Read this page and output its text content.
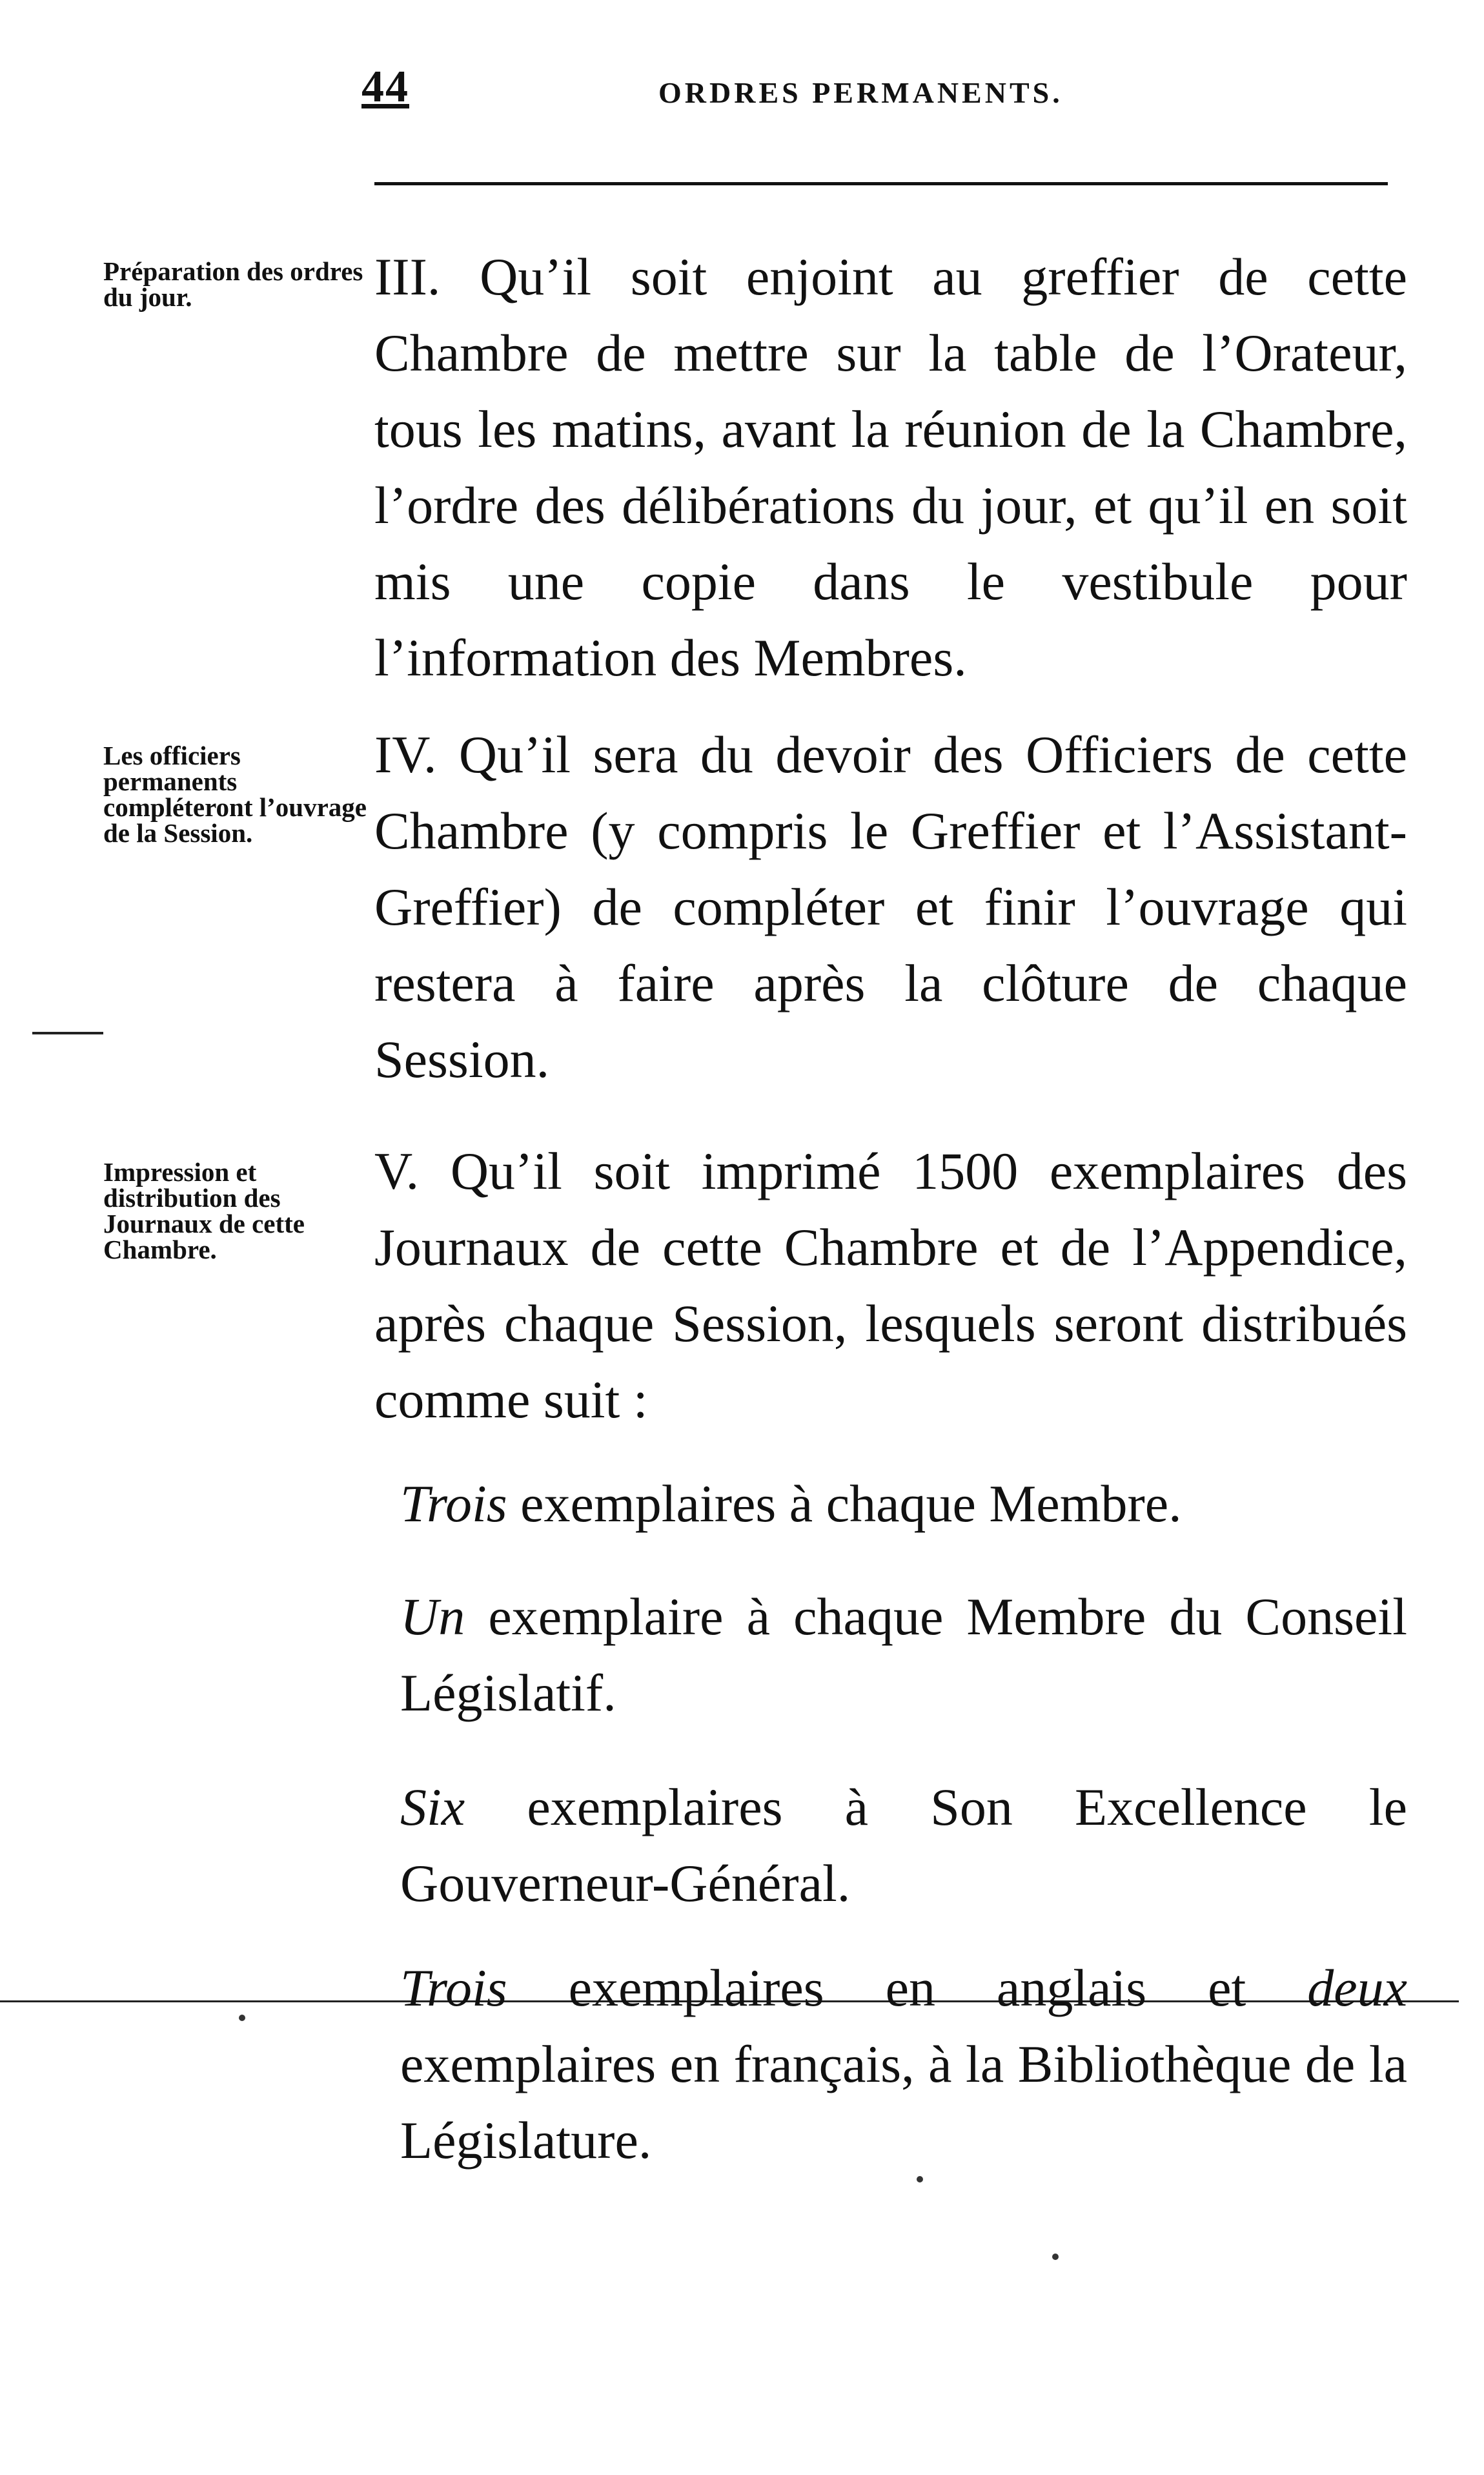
44	ORDRES PERMANENTS.
Préparation des ordres du jour.	III. Qu’il soit enjoint au greffier de cette Chambre de mettre sur la table de l’Orateur, tous les matins, avant la réunion de la Chambre, l’ordre des délibérations du jour, et qu’il en soit mis une copie dans le vestibule pour l’information des Membres.
Les officiers permanents compléteront l’ouvrage de la Session.
IV. Qu’il sera du devoir des Officiers de cette Chambre (y compris le Greffier et l’Assistant-Greffier) de compléter et finir l’ouvrage qui restera à faire après la clôture de chaque Session.
Impression et distribution des Journaux de cette Chambre.
V. Qu’il soit imprimé 1500 exemplaires des Journaux de cette Chambre et de l’Appendice, après chaque Session, lesquels seront distribués comme suit :
Trois exemplaires à chaque Membre.
Un exemplaire à chaque Membre du Conseil Législatif.
Six exemplaires à Son Excellence le Gouverneur-Général.
Trois exemplaires en anglais et deux exemplaires en français, à la Bibliothèque de la Législature.
